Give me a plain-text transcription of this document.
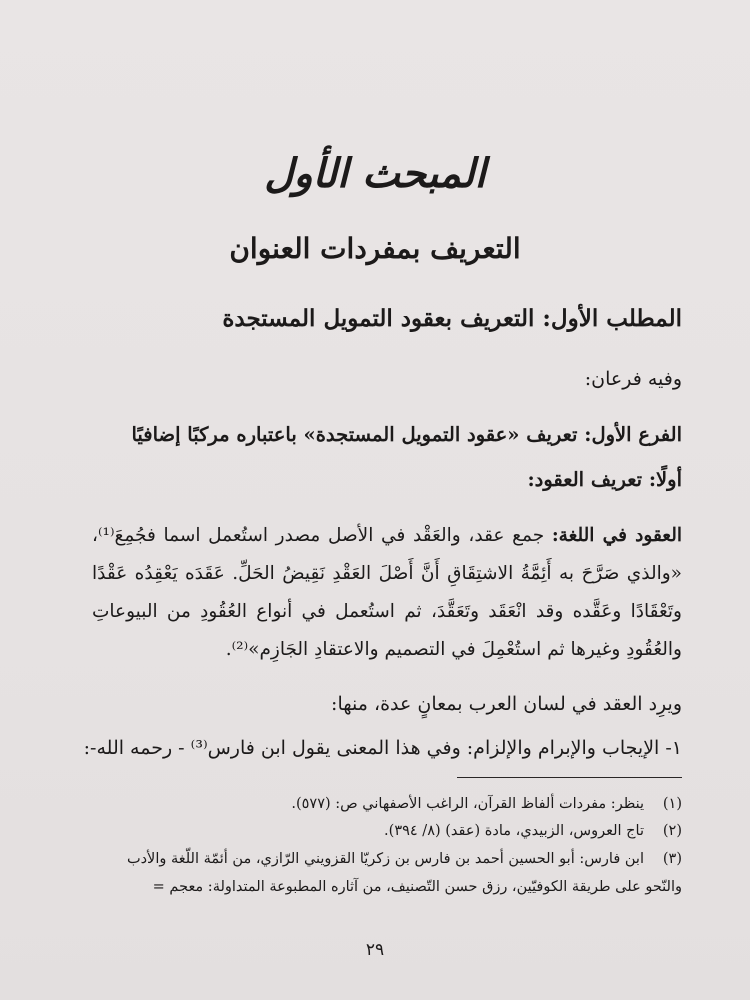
المبحث الأول
التعريف بمفردات العنوان
المطلب الأول: التعريف بعقود التمويل المستجدة
وفيه فرعان:
الفرع الأول: تعريف «عقود التمويل المستجدة» باعتباره مركبًا إضافيًا
أولًا: تعريف العقود:
العقود في اللغة: جمع عقد، والعَقْد في الأصل مصدر استُعمل اسما فجُمِعَ⁽¹⁾، «والذي صَرَّحَ به أَئِمَّةُ الاشتِقَاقِ أَنَّ أَصْلَ العَقْدِ نَقِيضُ الحَلِّ. عَقَدَه يَعْقِدُه عَقْدًا وتَعْقَادًا وعَقَّده وقد انْعَقَد وتَعَقَّدَ، ثم استُعمل في أنواع العُقُودِ من البيوعاتِ والعُقُودِ وغيرها ثم استُعْمِلَ في التصميم والاعتقادِ الجَازِم»⁽²⁾.
ويرِد العقد في لسان العرب بمعانٍ عدة، منها:
١- الإيجاب والإبرام والإلزام: وفي هذا المعنى يقول ابن فارس⁽³⁾ - رحمه الله-:
(١)ينظر: مفردات ألفاظ القرآن، الراغب الأصفهاني ص: (٥٧٧).
(٢)تاج العروس، الزبيدي، مادة (عقد) (٨/ ٣٩٤).
(٣)ابن فارس: أبو الحسين أحمد بن فارس بن زكريّا القزويني الرّازي، من أئمّة اللّغة والأدب
والنّحو على طريقة الكوفيّين، رزق حسن التّصنيف، من آثاره المطبوعة المتداولة: معجم =
٢٩
